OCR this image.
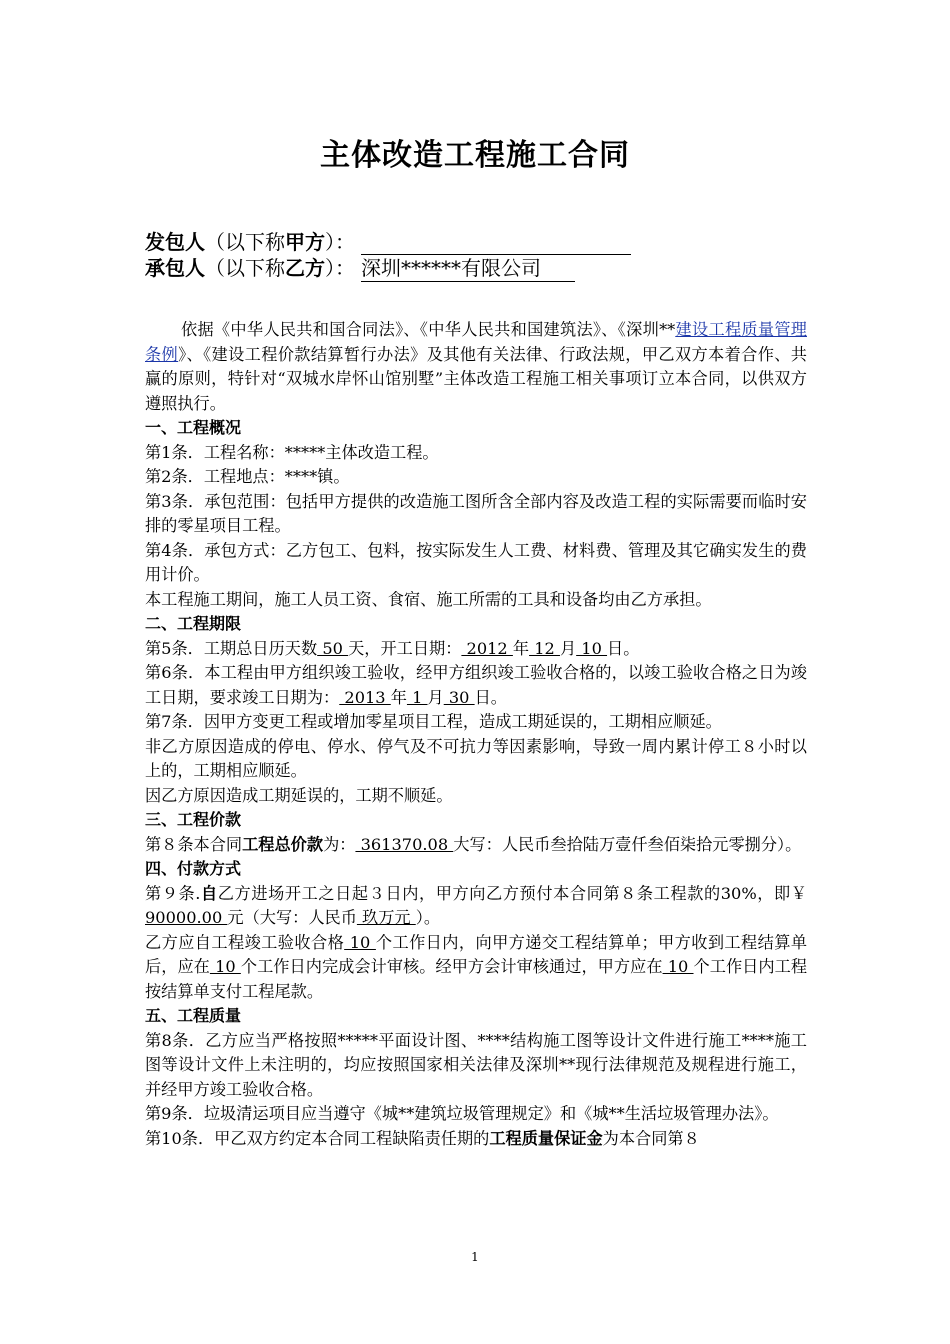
主体改造工程施工合同
发包人（以下称甲方）：
承包人（以下称乙方）：深圳******有限公司

依据《中华人民共和国合同法》、《中华人民共和国建筑法》、《深圳**建设工程质量管理条例》、《建设工程价款结算暂行办法》及其他有关法律、行政法规，甲乙双方本着合作、共赢的原则，特针对“双城水岸怀山馆别墅”主体改造工程施工相关事项订立本合同，以供双方遵照执行。

一、工程概况

第1条．工程名称：*****主体改造工程。

第2条．工程地点：****镇。

第3条．承包范围：包括甲方提供的改造施工图所含全部内容及改造工程的实际需要而临时安排的零星项目工程。

第4条．承包方式：乙方包工、包料，按实际发生人工费、材料费、管理及其它确实发生的费用计价。

本工程施工期间，施工人员工资、食宿、施工所需的工具和设备均由乙方承担。

二、工程期限

第5条．工期总日历天数 50 天，开工日期： 2012 年 12 月 10 日。

第6条．本工程由甲方组织竣工验收，经甲方组织竣工验收合格的，以竣工验收合格之日为竣工日期，要求竣工日期为： 2013 年 1 月 30 日。

第7条．因甲方变更工程或增加零星项目工程，造成工期延误的，工期相应顺延。

非乙方原因造成的停电、停水、停气及不可抗力等因素影响，导致一周内累计停工８小时以上的，工期相应顺延。

因乙方原因造成工期延误的，工期不顺延。

三、工程价款

第８条本合同工程总价款为： 361370.08 大写：人民币叁拾陆万壹仟叁佰柒拾元零捌分）。

四、付款方式

第９条.自乙方进场开工之日起３日内，甲方向乙方预付本合同第８条工程款的30%，即￥ 90000.00 元（大写：人民币 玖万元 ）。

乙方应自工程竣工验收合格 10 个工作日内，向甲方递交工程结算单；甲方收到工程结算单后，应在 10 个工作日内完成会计审核。经甲方会计审核通过，甲方应在 10 个工作日内工程按结算单支付工程尾款。

五、工程质量

第8条．乙方应当严格按照*****平面设计图、****结构施工图等设计文件进行施工****施工图等设计文件上未注明的，均应按照国家相关法律及深圳**现行法律规范及规程进行施工，并经甲方竣工验收合格。

第9条．垃圾清运项目应当遵守《城**建筑垃圾管理规定》和《城**生活垃圾管理办法》。

第10条．甲乙双方约定本合同工程缺陷责任期的工程质量保证金为本合同第８

1
